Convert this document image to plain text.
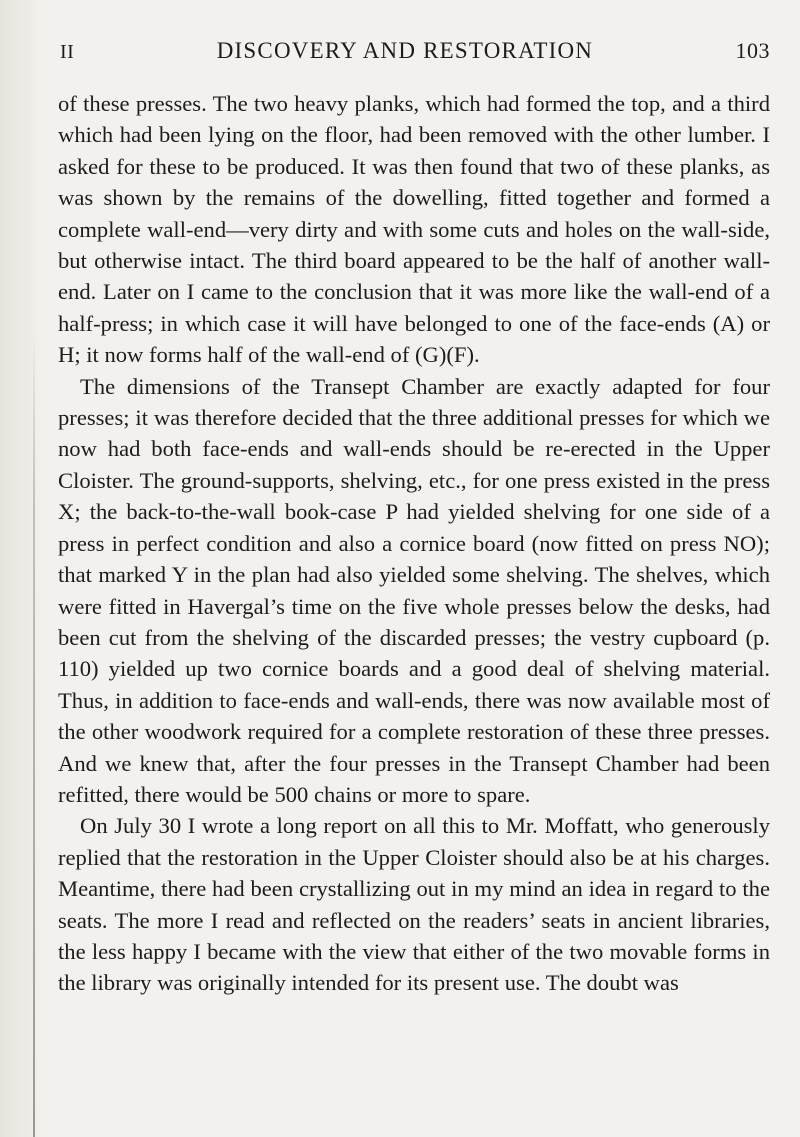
II	DISCOVERY AND RESTORATION	103

of these presses. The two heavy planks, which had formed the top, and a third which had been lying on the floor, had been removed with the other lumber. I asked for these to be produced. It was then found that two of these planks, as was shown by the remains of the dowelling, fitted together and formed a complete wall-end—very dirty and with some cuts and holes on the wall-side, but otherwise intact. The third board appeared to be the half of another wall-end. Later on I came to the conclusion that it was more like the wall-end of a half-press; in which case it will have belonged to one of the face-ends (A) or H; it now forms half of the wall-end of (G)(F).

The dimensions of the Transept Chamber are exactly adapted for four presses; it was therefore decided that the three additional presses for which we now had both face-ends and wall-ends should be re-erected in the Upper Cloister. The ground-supports, shelving, etc., for one press existed in the press X; the back-to-the-wall book-case P had yielded shelving for one side of a press in perfect condition and also a cornice board (now fitted on press NO); that marked Y in the plan had also yielded some shelving. The shelves, which were fitted in Havergal’s time on the five whole presses below the desks, had been cut from the shelving of the discarded presses; the vestry cupboard (p. 110) yielded up two cornice boards and a good deal of shelving material. Thus, in addition to face-ends and wall-ends, there was now available most of the other woodwork required for a complete restoration of these three presses. And we knew that, after the four presses in the Transept Chamber had been refitted, there would be 500 chains or more to spare.

On July 30 I wrote a long report on all this to Mr. Moffatt, who generously replied that the restoration in the Upper Cloister should also be at his charges. Meantime, there had been crystallizing out in my mind an idea in regard to the seats. The more I read and reflected on the readers’ seats in ancient libraries, the less happy I became with the view that either of the two movable forms in the library was originally intended for its present use. The doubt was
